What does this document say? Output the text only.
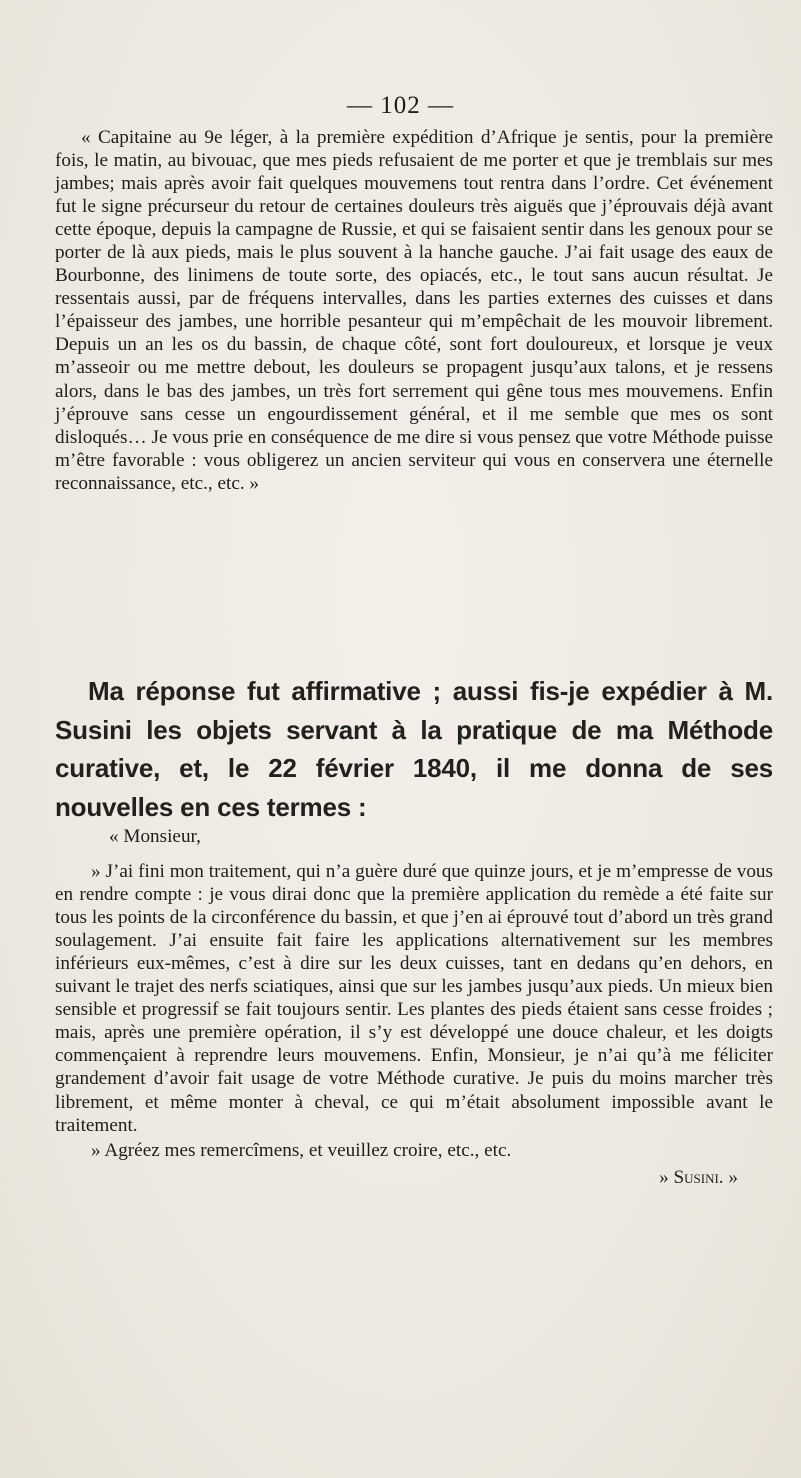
— 102 —

« Capitaine au 9e léger, à la première expédition d’Afrique je sentis, pour la première fois, le matin, au bivouac, que mes pieds refusaient de me porter et que je tremblais sur mes jambes; mais après avoir fait quelques mouvemens tout rentra dans l’ordre. Cet événement fut le signe précurseur du retour de certaines douleurs très aiguës que j’éprouvais déjà avant cette époque, depuis la campagne de Russie, et qui se faisaient sentir dans les genoux pour se porter de là aux pieds, mais le plus souvent à la hanche gauche. J’ai fait usage des eaux de Bourbonne, des linimens de toute sorte, des opiacés, etc., le tout sans aucun résultat. Je ressentais aussi, par de fréquens intervalles, dans les parties externes des cuisses et dans l’épaisseur des jambes, une horrible pesanteur qui m’empêchait de les mouvoir librement. Depuis un an les os du bassin, de chaque côté, sont fort douloureux, et lorsque je veux m’asseoir ou me mettre debout, les douleurs se propagent jusqu’aux talons, et je ressens alors, dans le bas des jambes, un très fort serrement qui gêne tous mes mouvemens. Enfin j’éprouve sans cesse un engourdissement général, et il me semble que mes os sont disloqués… Je vous prie en conséquence de me dire si vous pensez que votre Méthode puisse m’être favorable : vous obligerez un ancien serviteur qui vous en conservera une éternelle reconnaissance, etc., etc. »

Ma réponse fut affirmative ; aussi fis-je expédier à M. Susini les objets servant à la pratique de ma Méthode curative, et, le 22 février 1840, il me donna de ses nouvelles en ces termes :

« Monsieur,

» J’ai fini mon traitement, qui n’a guère duré que quinze jours, et je m’empresse de vous en rendre compte : je vous dirai donc que la première application du remède a été faite sur tous les points de la circonférence du bassin, et que j’en ai éprouvé tout d’abord un très grand soulagement. J’ai ensuite fait faire les applications alternativement sur les membres inférieurs eux-mêmes, c’est à dire sur les deux cuisses, tant en dedans qu’en dehors, en suivant le trajet des nerfs sciatiques, ainsi que sur les jambes jusqu’aux pieds. Un mieux bien sensible et progressif se fait toujours sentir. Les plantes des pieds étaient sans cesse froides ; mais, après une première opération, il s’y est développé une douce chaleur, et les doigts commençaient à reprendre leurs mouvemens. Enfin, Monsieur, je n’ai qu’à me féliciter grandement d’avoir fait usage de votre Méthode curative. Je puis du moins marcher très librement, et même monter à cheval, ce qui m’était absolument impossible avant le traitement.

» Agréez mes remercîmens, et veuillez croire, etc., etc.

» Susini. »
